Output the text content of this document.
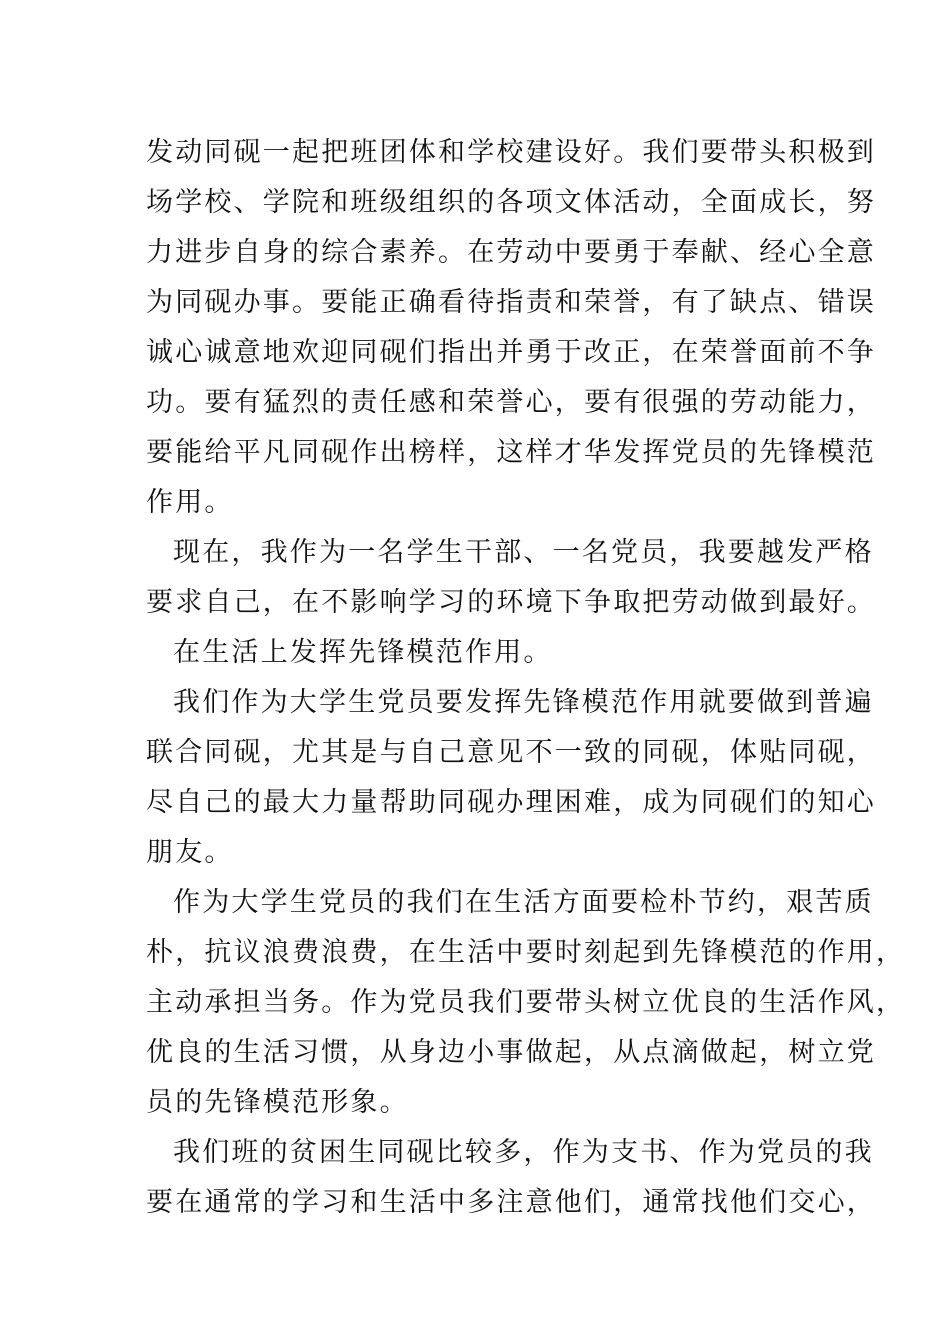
发动同砚一起把班团体和学校建设好。我们要带头积极到
场学校、学院和班级组织的各项文体活动，全面成长，努
力进步自身的综合素养。在劳动中要勇于奉献、经心全意
为同砚办事。要能正确看待指责和荣誉，有了缺点、错误
诚心诚意地欢迎同砚们指出并勇于改正，在荣誉面前不争
功。要有猛烈的责任感和荣誉心，要有很强的劳动能力，
要能给平凡同砚作出榜样，这样才华发挥党员的先锋模范
作用。
现在，我作为一名学生干部、一名党员，我要越发严格
要求自己，在不影响学习的环境下争取把劳动做到最好。
在生活上发挥先锋模范作用。
我们作为大学生党员要发挥先锋模范作用就要做到普遍
联合同砚，尤其是与自己意见不一致的同砚，体贴同砚，
尽自己的最大力量帮助同砚办理困难，成为同砚们的知心
朋友。
作为大学生党员的我们在生活方面要检朴节约，艰苦质
朴，抗议浪费浪费，在生活中要时刻起到先锋模范的作用，
主动承担当务。作为党员我们要带头树立优良的生活作风，
优良的生活习惯，从身边小事做起，从点滴做起，树立党
员的先锋模范形象。
我们班的贫困生同砚比较多，作为支书、作为党员的我
要在通常的学习和生活中多注意他们，通常找他们交心，
